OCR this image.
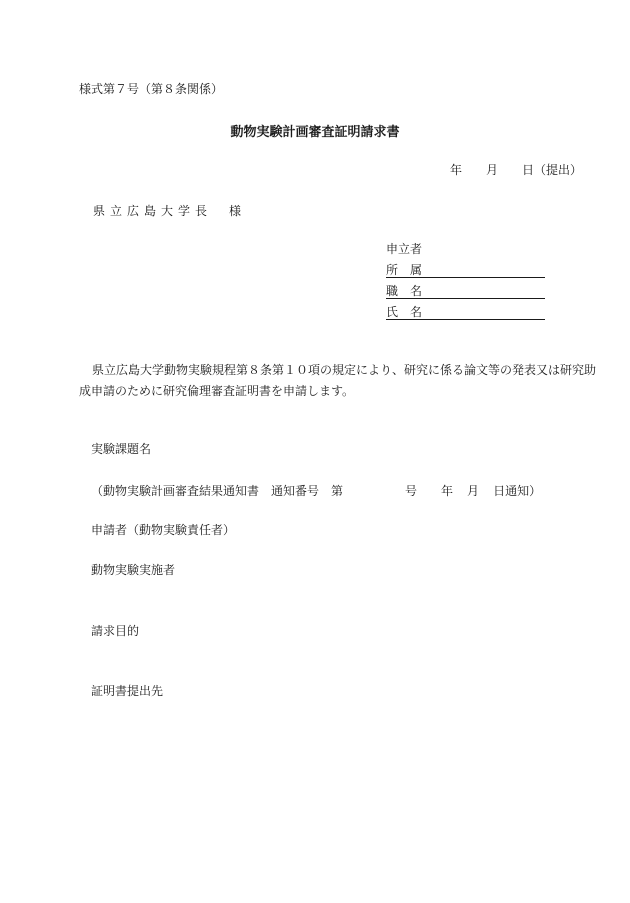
様式第７号（第８条関係）
動物実験計画審査証明請求書
年 月 日（提出）
県立広島大学長　様
申立者
所　属
職　名
氏　名
県立広島大学動物実験規程第８条第１０項の規定により、研究に係る論文等の発表又は研究助成申請のために研究倫理審査証明書を申請します。
実験課題名
（動物実験計画審査結果通知書　通知番号　第	号 年 月 日通知）
申請者（動物実験責任者）
動物実験実施者
請求目的
証明書提出先
